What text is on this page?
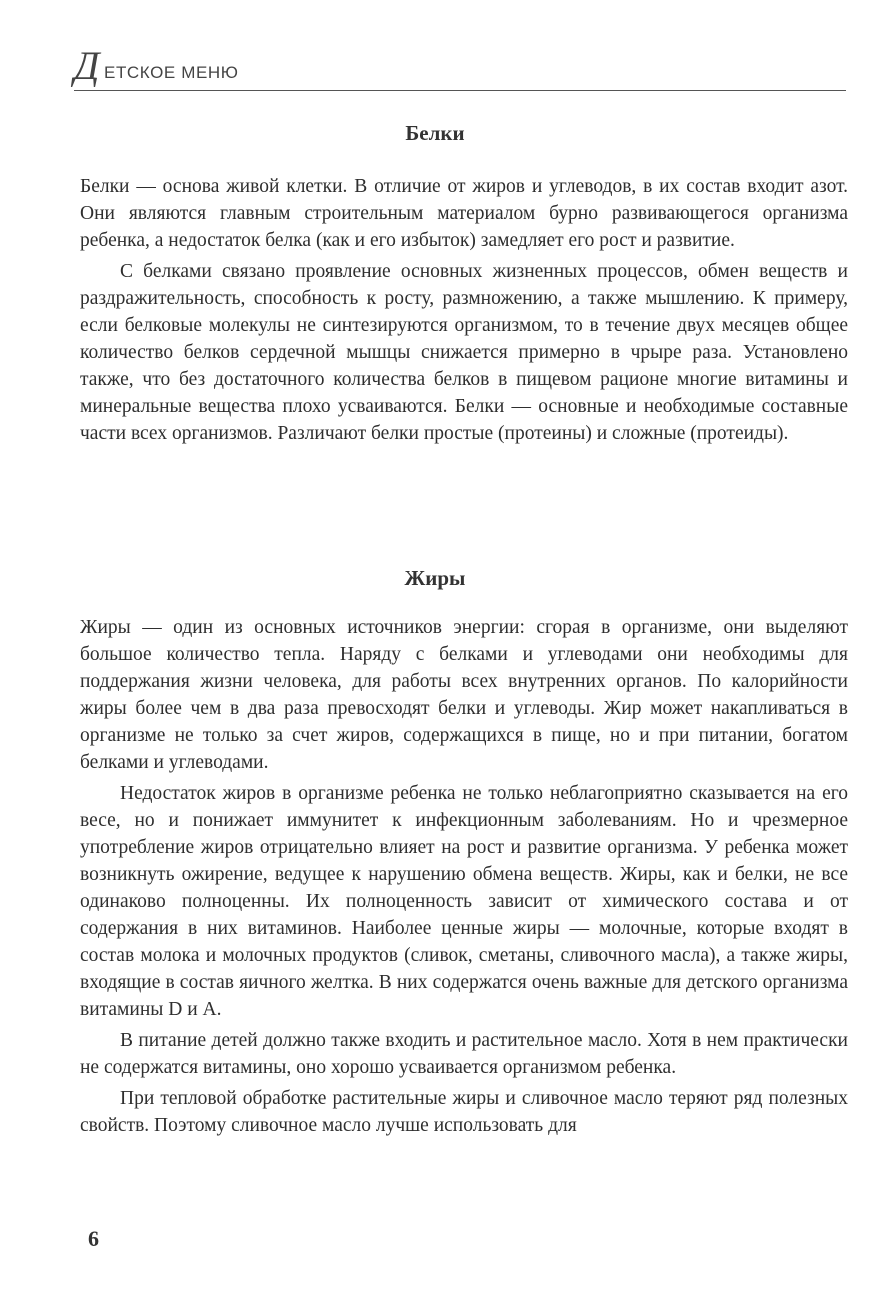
Д ЕТСКОЕ МЕНЮ
Белки

Белки — основа живой клетки. В отличие от жиров и углеводов, в их состав входит азот. Они являются главным строительным материалом бурно развивающегося организма ребенка, а недостаток белка (как и его избыток) замедляет его рост и развитие.

С белками связано проявление основных жизненных процессов, обмен веществ и раздражительность, способность к росту, размножению, а также мышлению. К примеру, если белковые молекулы не синтезируются организмом, то в течение двух месяцев общее количество белков сердечной мышцы снижается примерно в чрыре раза. Установлено также, что без достаточного количества белков в пищевом рационе многие витамины и минеральные вещества плохо усваиваются. Белки — основные и необходимые составные части всех организмов. Различают белки простые (протеины) и сложные (протеиды).

Жиры

Жиры — один из основных источников энергии: сгорая в организме, они выделяют большое количество тепла. Наряду с белками и углеводами они необходимы для поддержания жизни человека, для работы всех внутренних органов. По калорийности жиры более чем в два раза превосходят белки и углеводы. Жир может накапливаться в организме не только за счет жиров, содержащихся в пище, но и при питании, богатом белками и углеводами.

Недостаток жиров в организме ребенка не только неблагоприятно сказывается на его весе, но и понижает иммунитет к инфекционным заболеваниям. Но и чрезмерное употребление жиров отрицательно влияет на рост и развитие организма. У ребенка может возникнуть ожирение, ведущее к нарушению обмена веществ. Жиры, как и белки, не все одинаково полноценны. Их полноценность зависит от химического состава и от содержания в них витаминов. Наиболее ценные жиры — молочные, которые входят в состав молока и молочных продуктов (сливок, сметаны, сливочного масла), а также жиры, входящие в состав яичного желтка. В них содержатся очень важные для детского организма витамины D и A.

В питание детей должно также входить и растительное масло. Хотя в нем практически не содержатся витамины, оно хорошо усваивается организмом ребенка.

При тепловой обработке растительные жиры и сливочное масло теряют ряд полезных свойств. Поэтому сливочное масло лучше использовать для

6
